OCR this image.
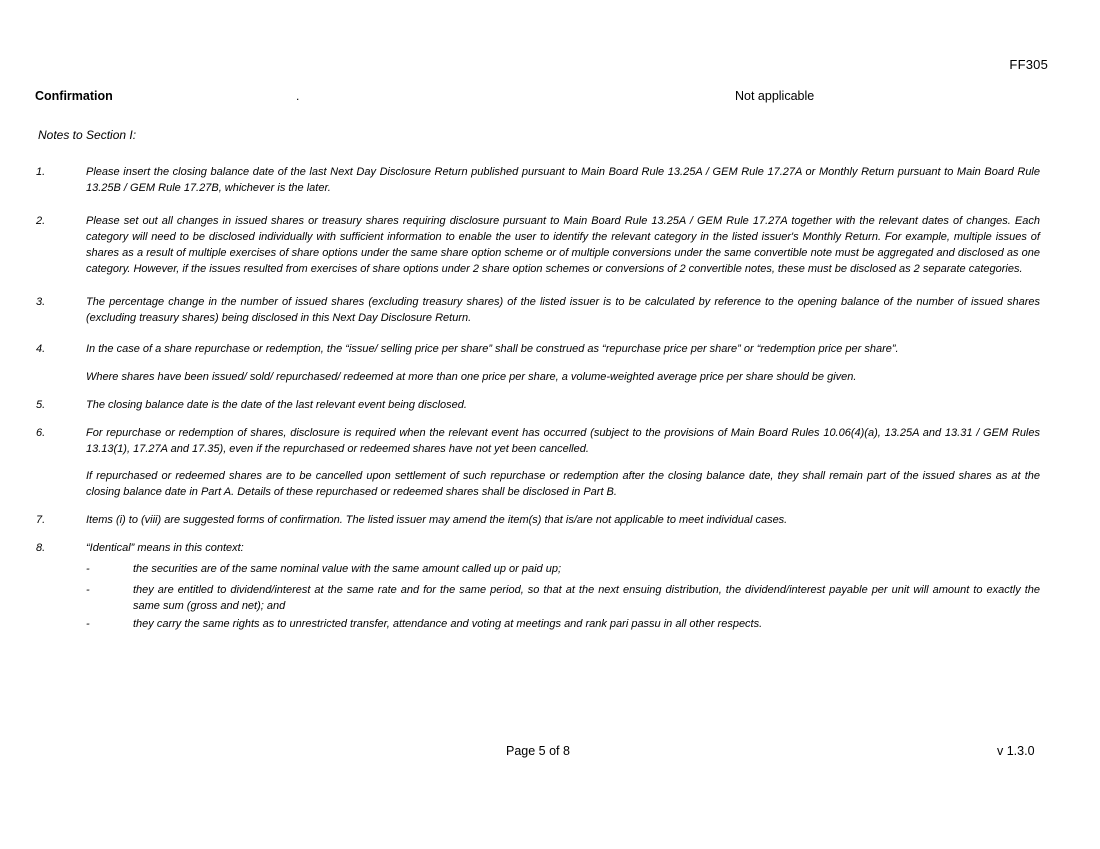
FF305
Confirmation	.	Not applicable
Notes to Section I:
1.	Please insert the closing balance date of the last Next Day Disclosure Return published pursuant to Main Board Rule 13.25A / GEM Rule 17.27A or Monthly Return pursuant to Main Board Rule 13.25B / GEM Rule 17.27B, whichever is the later.

2.	Please set out all changes in issued shares or treasury shares requiring disclosure pursuant to Main Board Rule 13.25A / GEM Rule 17.27A together with the relevant dates of changes. Each category will need to be disclosed individually with sufficient information to enable the user to identify the relevant category in the listed issuer's Monthly Return. For example, multiple issues of shares as a result of multiple exercises of share options under the same share option scheme or of multiple conversions under the same convertible note must be aggregated and disclosed as one category. However, if the issues resulted from exercises of share options under 2 share option schemes or conversions of 2 convertible notes, these must be disclosed as 2 separate categories.

3.	The percentage change in the number of issued shares (excluding treasury shares) of the listed issuer is to be calculated by reference to the opening balance of the number of issued shares (excluding treasury shares) being disclosed in this Next Day Disclosure Return.

4.	In the case of a share repurchase or redemption, the “issue/ selling price per share” shall be construed as “repurchase price per share” or “redemption price per share”.

Where shares have been issued/ sold/ repurchased/ redeemed at more than one price per share, a volume-weighted average price per share should be given.

5.	The closing balance date is the date of the last relevant event being disclosed.

6.	For repurchase or redemption of shares, disclosure is required when the relevant event has occurred (subject to the provisions of Main Board Rules 10.06(4)(a), 13.25A and 13.31 / GEM Rules 13.13(1), 17.27A and 17.35), even if the repurchased or redeemed shares have not yet been cancelled.

If repurchased or redeemed shares are to be cancelled upon settlement of such repurchase or redemption after the closing balance date, they shall remain part of the issued shares as at the closing balance date in Part A. Details of these repurchased or redeemed shares shall be disclosed in Part B.

7.	Items (i) to (viii) are suggested forms of confirmation. The listed issuer may amend the item(s) that is/are not applicable to meet individual cases.

8.	“Identical” means in this context:

-	the securities are of the same nominal value with the same amount called up or paid up;

-	they are entitled to dividend/interest at the same rate and for the same period, so that at the next ensuing distribution, the dividend/interest payable per unit will amount to exactly the same sum (gross and net); and

-	they carry the same rights as to unrestricted transfer, attendance and voting at meetings and rank pari passu in all other respects.

Page 5 of 8	v 1.3.0
